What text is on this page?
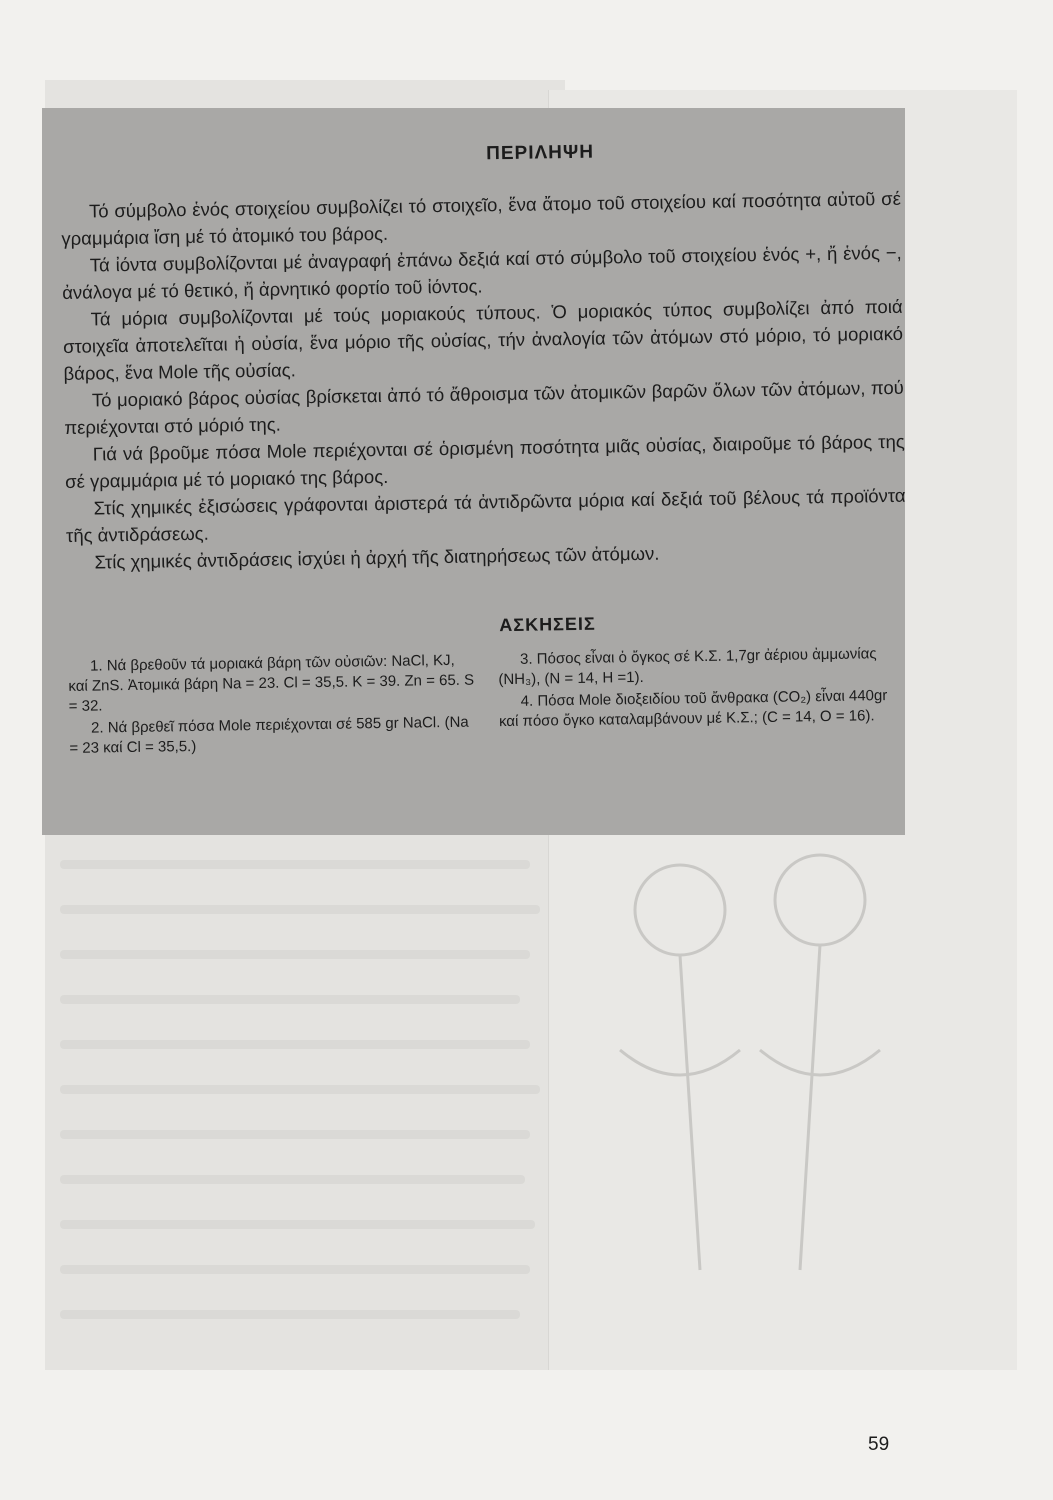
ΠΕΡΙΛΗΨΗ

Τό σύμβολο ἑνός στοιχείου συμβολίζει τό στοιχεῖο, ἕνα ἄτομο τοῦ στοιχείου καί ποσότητα αὐτοῦ σέ γραμμάρια ἴση μέ τό ἀτομικό του βάρος.

Τά ἰόντα συμβολίζονται μέ ἀναγραφή ἐπάνω δεξιά καί στό σύμβολο τοῦ στοιχείου ἑνός +, ἤ ἑνός −, ἀνάλογα μέ τό θετικό, ἤ ἀρνητικό φορτίο τοῦ ἰόντος.

Τά μόρια συμβολίζονται μέ τούς μοριακούς τύπους. Ὁ μοριακός τύπος συμβολίζει ἀπό ποιά στοιχεῖα ἀποτελεῖται ἡ οὐσία, ἕνα μόριο τῆς οὐσίας, τήν ἀναλογία τῶν ἀτόμων στό μόριο, τό μοριακό βάρος, ἕνα Mole τῆς οὐσίας.

Τό μοριακό βάρος οὐσίας βρίσκεται ἀπό τό ἄθροισμα τῶν ἀτομικῶν βαρῶν ὅλων τῶν ἀτόμων, πού περιέχονται στό μόριό της.

Γιά νά βροῦμε πόσα Mole περιέχονται σέ ὁρισμένη ποσότητα μιᾶς οὐσίας, διαιροῦμε τό βάρος της σέ γραμμάρια μέ τό μοριακό της βάρος.

Στίς χημικές ἐξισώσεις γράφονται ἀριστερά τά ἀντιδρῶντα μόρια καί δεξιά τοῦ βέλους τά προϊόντα τῆς ἀντιδράσεως.

Στίς χημικές ἀντιδράσεις ἰσχύει ἡ ἀρχή τῆς διατηρήσεως τῶν ἀτόμων.

ΑΣΚΗΣΕΙΣ

1. Νά βρεθοῦν τά μοριακά βάρη τῶν οὐσιῶν: NaCl, KJ, καί ZnS. Ἀτομικά βάρη Na = 23. Cl = 35,5. K = 39. Zn = 65. S = 32.

2. Νά βρεθεῖ πόσα Mole περιέχονται σέ 585 gr NaCl. (Na = 23 καί Cl = 35,5.)

3. Πόσος εἶναι ὁ ὄγκος σέ Κ.Σ. 1,7gr ἀέριου ἀμμωνίας (NH₃), (N = 14, H =1).

4. Πόσα Mole διοξειδίου τοῦ ἄνθρακα (CO₂) εἶναι 440gr καί πόσο ὄγκο καταλαμβάνουν μέ Κ.Σ.; (C = 14, O = 16).

59
